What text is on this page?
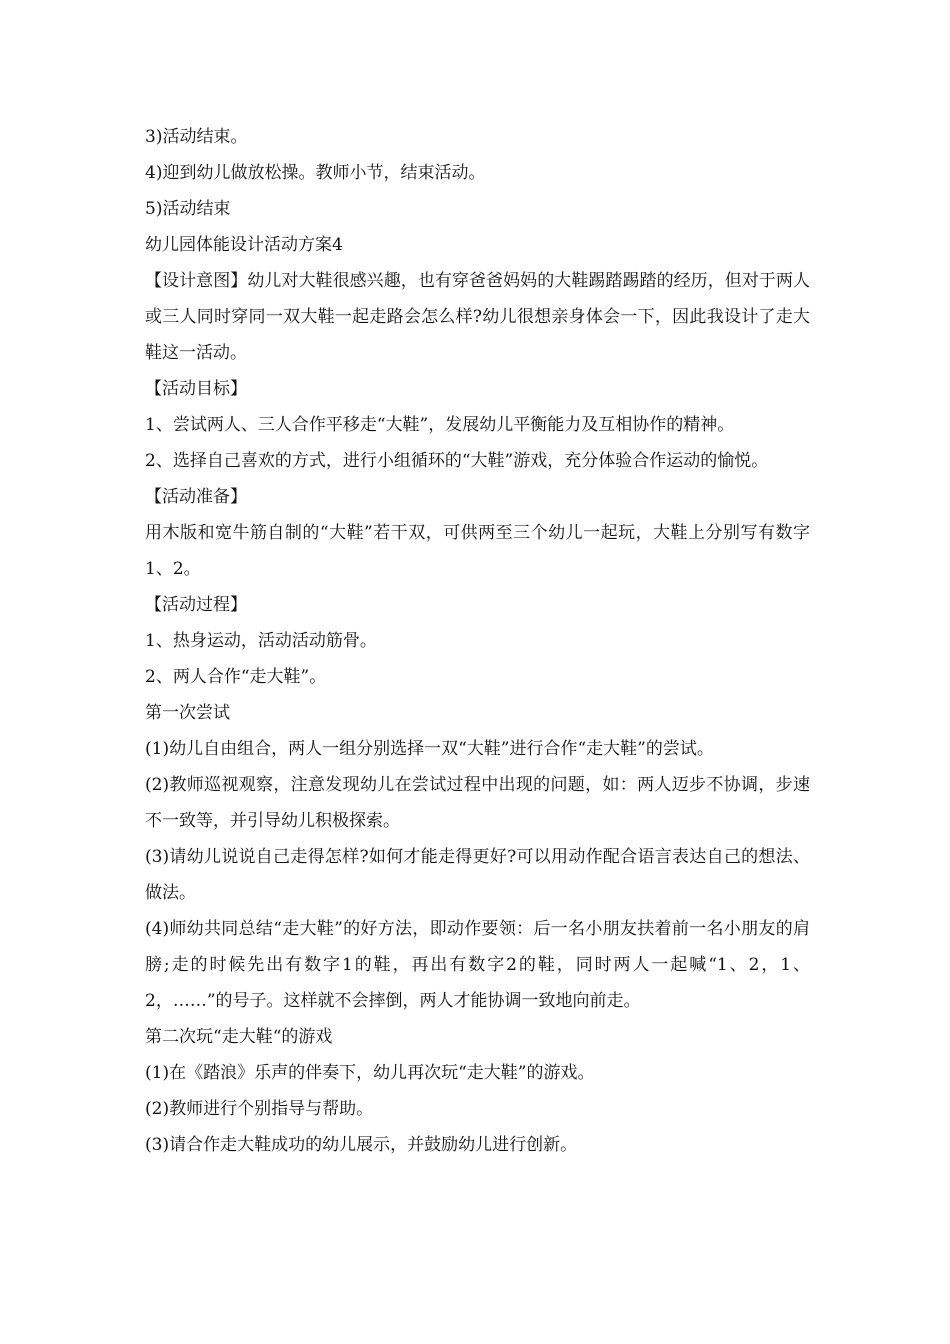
3)活动结束。

4)迎到幼儿做放松操。教师小节，结束活动。

5)活动结束

幼儿园体能设计活动方案4

【设计意图】幼儿对大鞋很感兴趣，也有穿爸爸妈妈的大鞋踢踏踢踏的经历，但对于两人或三人同时穿同一双大鞋一起走路会怎么样?幼儿很想亲身体会一下，因此我设计了走大鞋这一活动。

【活动目标】

1、尝试两人、三人合作平移走“大鞋”，发展幼儿平衡能力及互相协作的精神。

2、选择自己喜欢的方式，进行小组循环的“大鞋”游戏，充分体验合作运动的愉悦。

【活动准备】

用木版和宽牛筋自制的“大鞋”若干双，可供两至三个幼儿一起玩，大鞋上分别写有数字1、2。

【活动过程】

1、热身运动，活动活动筋骨。

2、两人合作“走大鞋”。

第一次尝试

(1)幼儿自由组合，两人一组分别选择一双“大鞋”进行合作“走大鞋”的尝试。

(2)教师巡视观察，注意发现幼儿在尝试过程中出现的问题，如：两人迈步不协调，步速不一致等，并引导幼儿积极探索。

(3)请幼儿说说自己走得怎样?如何才能走得更好?可以用动作配合语言表达自己的想法、做法。

(4)师幼共同总结“走大鞋”的好方法，即动作要领：后一名小朋友扶着前一名小朋友的肩膀;走的时候先出有数字1的鞋，再出有数字2的鞋，同时两人一起喊“1、2，1、2，……”的号子。这样就不会摔倒，两人才能协调一致地向前走。

第二次玩“走大鞋“的游戏

(1)在《踏浪》乐声的伴奏下，幼儿再次玩“走大鞋”的游戏。

(2)教师进行个别指导与帮助。

(3)请合作走大鞋成功的幼儿展示，并鼓励幼儿进行创新。
